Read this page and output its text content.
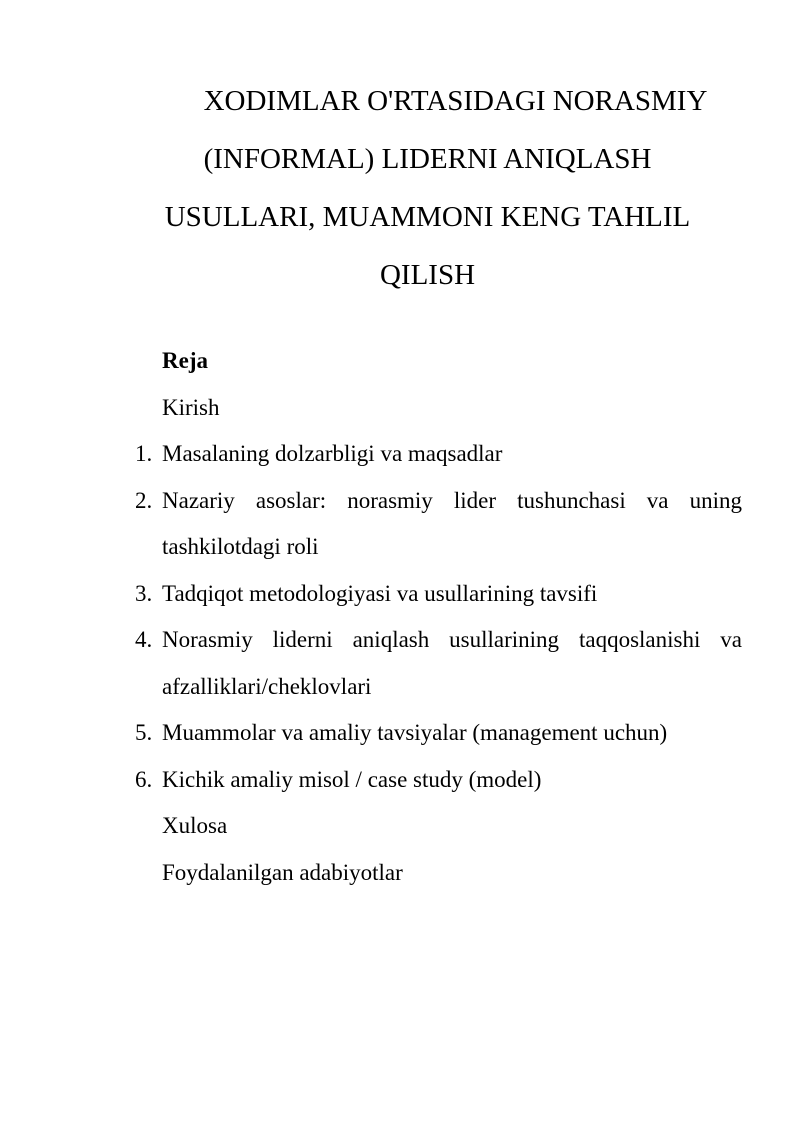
XODIMLAR O'RTASIDAGI NORASMIY
(INFORMAL) LIDERNI ANIQLASH
USULLARI, MUAMMONI KENG TAHLIL
QILISH
Reja
Kirish
1. Masalaning dolzarbligi va maqsadlar
2. Nazariy asoslar: norasmiy lider tushunchasi va uning tashkilotdagi roli
3. Tadqiqot metodologiyasi va usullarining tavsifi
4. Norasmiy liderni aniqlash usullarining taqqoslanishi va afzalliklari/cheklovlari
5. Muammolar va amaliy tavsiyalar (management uchun)
6. Kichik amaliy misol / case study (model)
Xulosa
Foydalanilgan adabiyotlar
